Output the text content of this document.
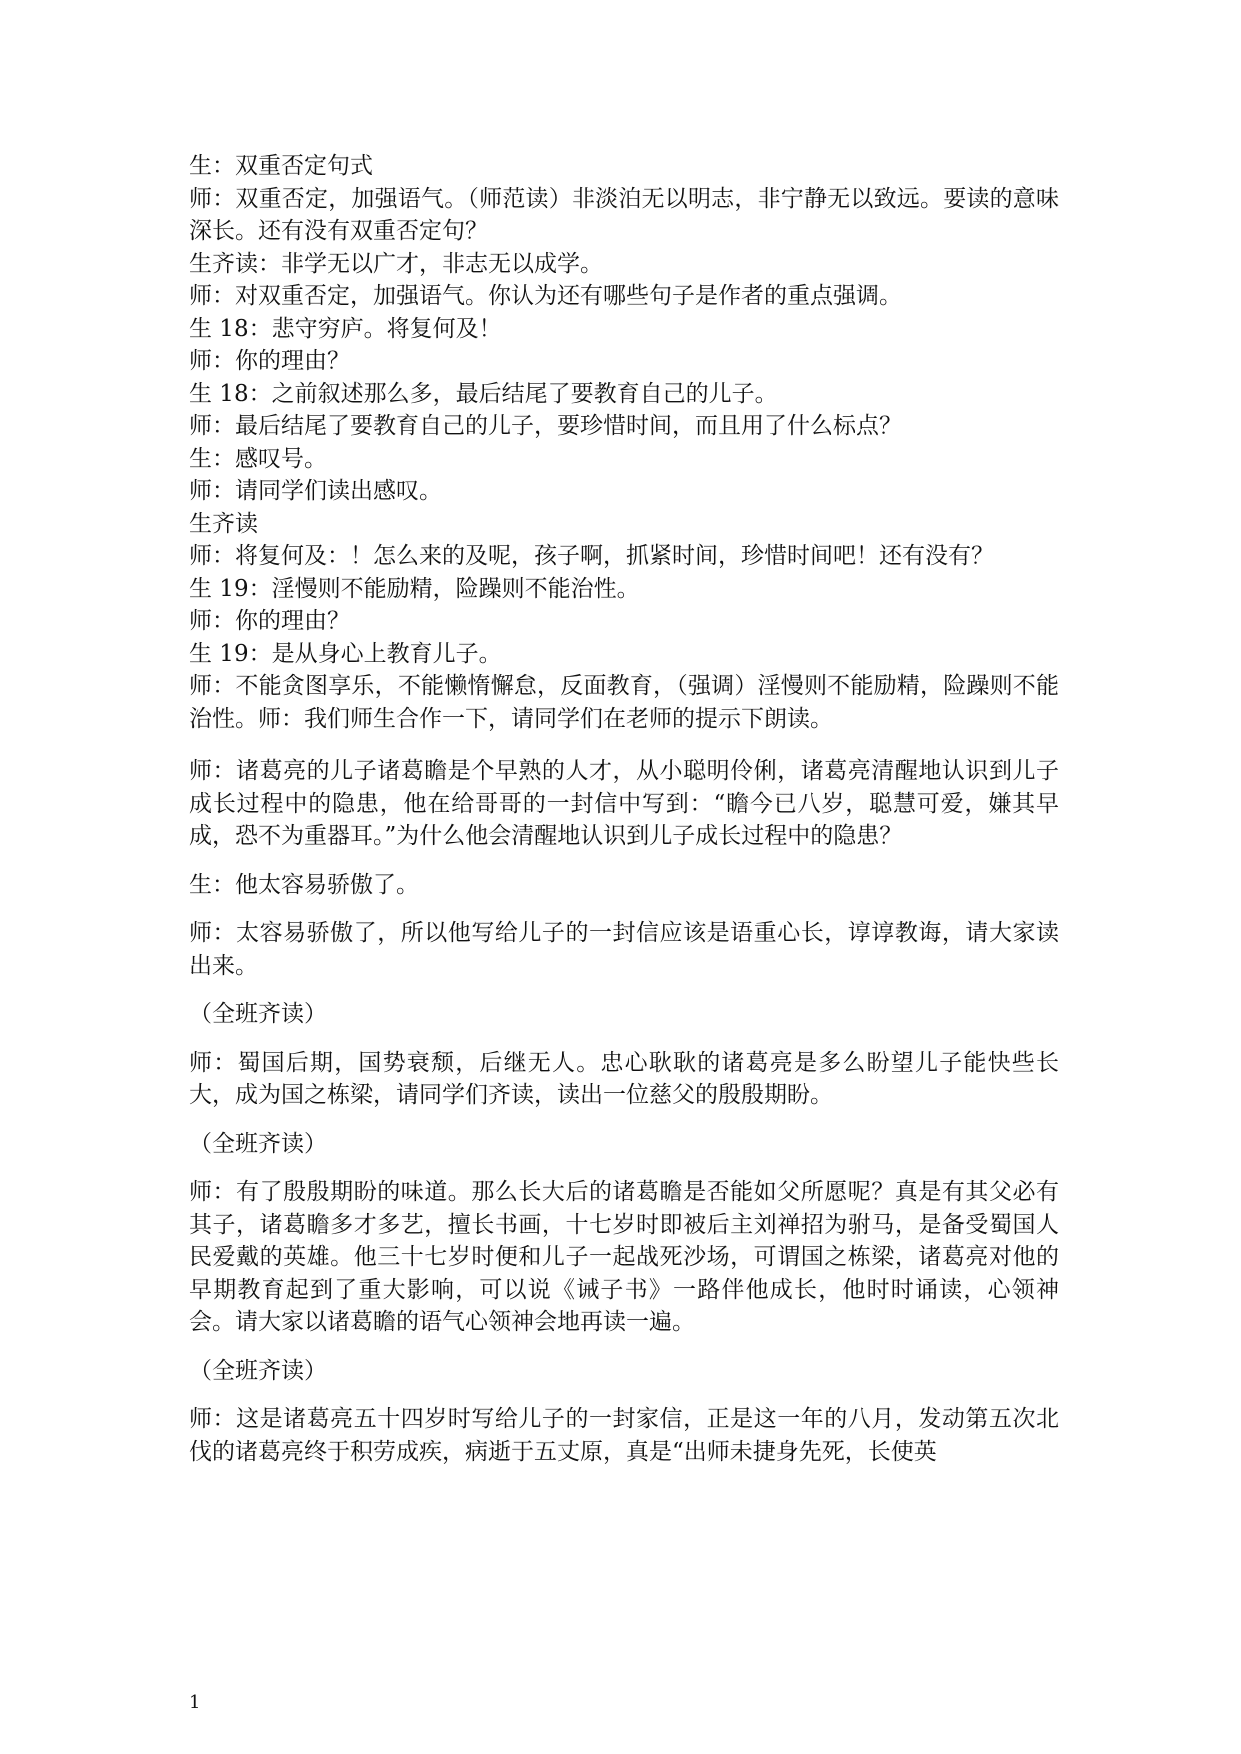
生：双重否定句式
师：双重否定，加强语气。（师范读）非淡泊无以明志，非宁静无以致远。要读的意味深长。还有没有双重否定句？
生齐读：非学无以广才，非志无以成学。
师：对双重否定，加强语气。你认为还有哪些句子是作者的重点强调。
生 18：悲守穷庐。将复何及！
师：你的理由？
生 18：之前叙述那么多，最后结尾了要教育自己的儿子。
师：最后结尾了要教育自己的儿子，要珍惜时间，而且用了什么标点？
生：感叹号。
师：请同学们读出感叹。
生齐读
师：将复何及：！怎么来的及呢，孩子啊，抓紧时间，珍惜时间吧！还有没有？
生 19：淫慢则不能励精，险躁则不能治性。
师：你的理由？
生 19：是从身心上教育儿子。
师：不能贪图享乐，不能懒惰懈怠，反面教育，（强调）淫慢则不能励精，险躁则不能治性。师：我们师生合作一下，请同学们在老师的提示下朗读。
师：诸葛亮的儿子诸葛瞻是个早熟的人才，从小聪明伶俐，诸葛亮清醒地认识到儿子成长过程中的隐患，他在给哥哥的一封信中写到：“瞻今已八岁，聪慧可爱，嫌其早成，恐不为重器耳。”为什么他会清醒地认识到儿子成长过程中的隐患？
生：他太容易骄傲了。
师：太容易骄傲了，所以他写给儿子的一封信应该是语重心长，谆谆教诲，请大家读出来。
（全班齐读）
师：蜀国后期，国势衰颓，后继无人。忠心耿耿的诸葛亮是多么盼望儿子能快些长大，成为国之栋梁，请同学们齐读，读出一位慈父的殷殷期盼。
（全班齐读）
师：有了殷殷期盼的味道。那么长大后的诸葛瞻是否能如父所愿呢？真是有其父必有其子，诸葛瞻多才多艺，擅长书画，十七岁时即被后主刘禅招为驸马，是备受蜀国人民爱戴的英雄。他三十七岁时便和儿子一起战死沙场，可谓国之栋梁，诸葛亮对他的早期教育起到了重大影响，可以说《诫子书》一路伴他成长，他时时诵读，心领神会。请大家以诸葛瞻的语气心领神会地再读一遍。
（全班齐读）
师：这是诸葛亮五十四岁时写给儿子的一封家信，正是这一年的八月，发动第五次北伐的诸葛亮终于积劳成疾，病逝于五丈原，真是“出师未捷身先死，长使英
1
